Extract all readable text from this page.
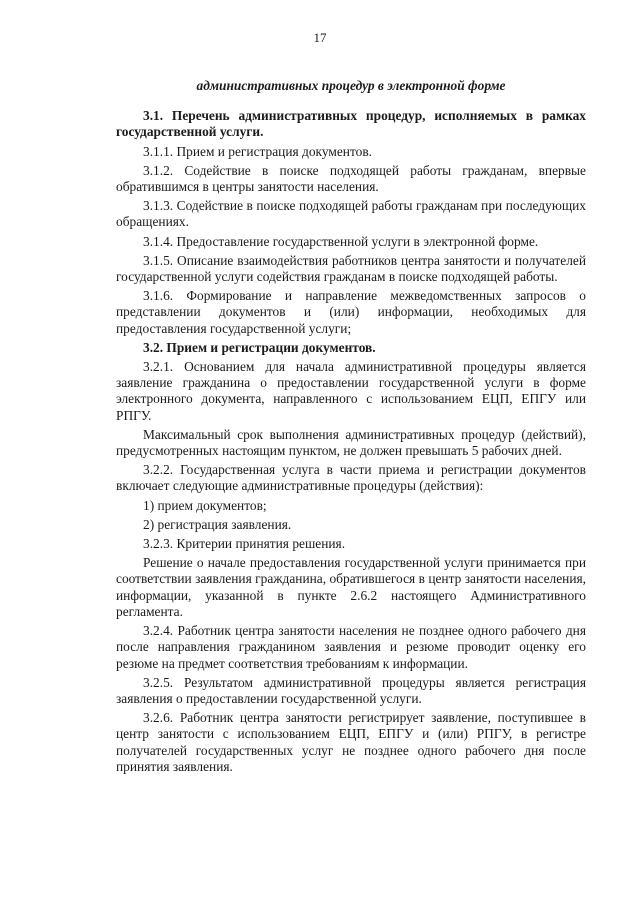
17
административных процедур в электронной форме

3.1. Перечень административных процедур, исполняемых в рамках государственной услуги.

3.1.1. Прием и регистрация документов.

3.1.2. Содействие в поиске подходящей работы гражданам, впервые обратившимся в центры занятости населения.

3.1.3. Содействие в поиске подходящей работы гражданам при последующих обращениях.

3.1.4. Предоставление государственной услуги в электронной форме.

3.1.5. Описание взаимодействия работников центра занятости и получателей государственной услуги содействия гражданам в поиске подходящей работы.

3.1.6. Формирование и направление межведомственных запросов о представлении документов и (или) информации, необходимых для предоставления государственной услуги;

3.2. Прием и регистрации документов.

3.2.1. Основанием для начала административной процедуры является заявление гражданина о предоставлении государственной услуги в форме электронного документа, направленного с использованием ЕЦП, ЕПГУ или РПГУ.

Максимальный срок выполнения административных процедур (действий), предусмотренных настоящим пунктом, не должен превышать 5 рабочих дней.

3.2.2. Государственная услуга в части приема и регистрации документов включает следующие административные процедуры (действия):

1) прием документов;

2) регистрация заявления.

3.2.3. Критерии принятия решения.

Решение о начале предоставления государственной услуги принимается при соответствии заявления гражданина, обратившегося в центр занятости населения, информации, указанной в пункте 2.6.2 настоящего Административного регламента.

3.2.4. Работник центра занятости населения не позднее одного рабочего дня после направления гражданином заявления и резюме проводит оценку его резюме на предмет соответствия требованиям к информации.

3.2.5. Результатом административной процедуры является регистрация заявления о предоставлении государственной услуги.

3.2.6. Работник центра занятости регистрирует заявление, поступившее в центр занятости с использованием ЕЦП, ЕПГУ и (или) РПГУ, в регистре получателей государственных услуг не позднее одного рабочего дня после принятия заявления.
